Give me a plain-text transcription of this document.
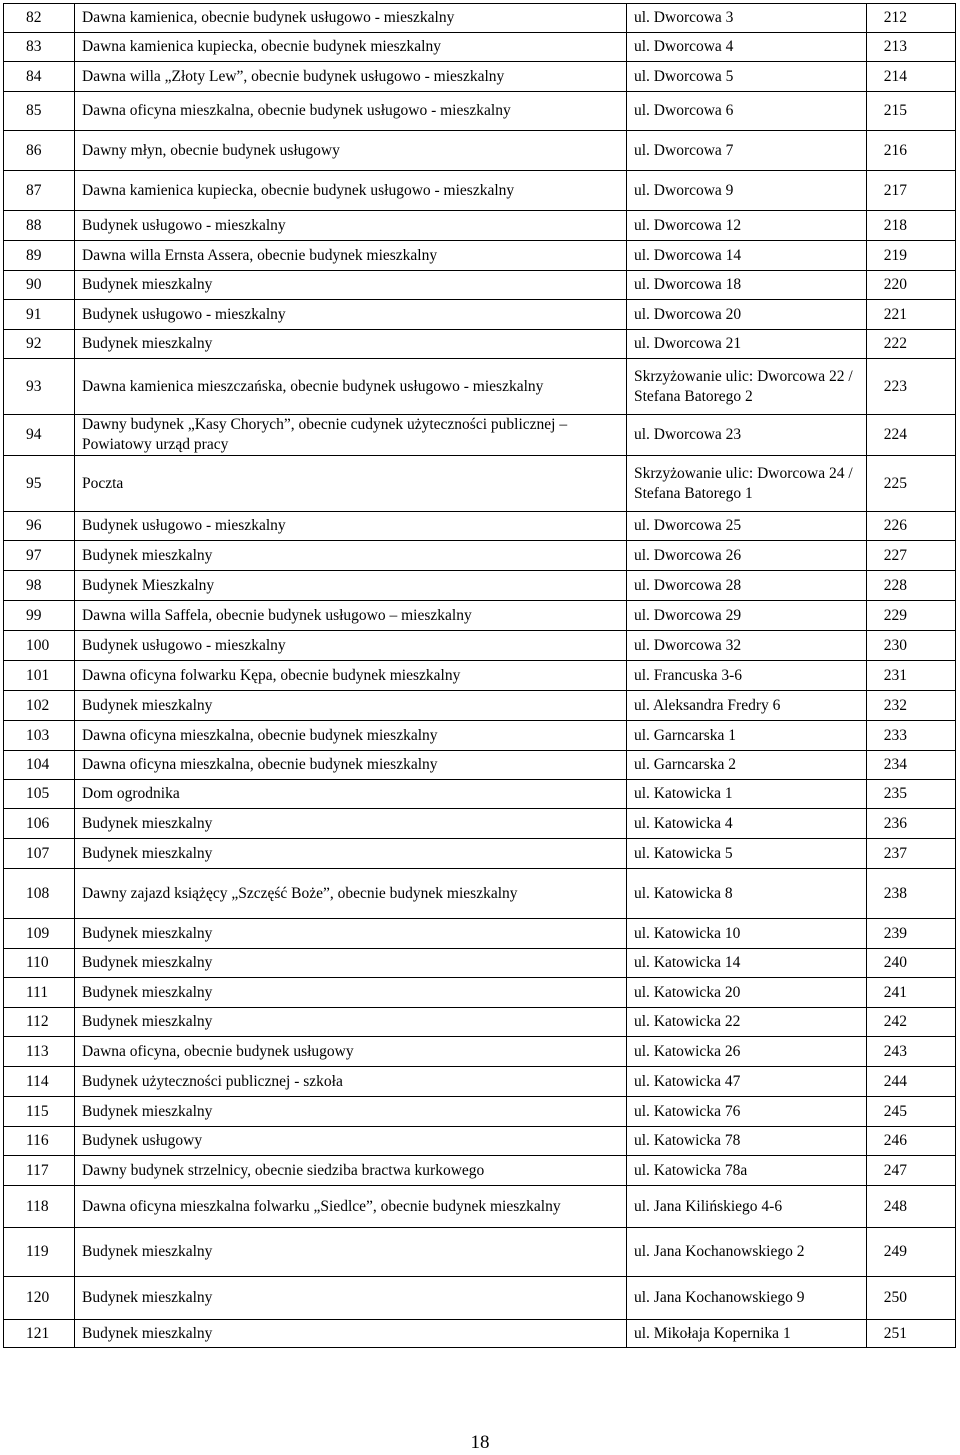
82	Dawna kamienica, obecnie budynek usługowo - mieszkalny	ul. Dworcowa 3	212
83	Dawna kamienica kupiecka, obecnie budynek mieszkalny	ul. Dworcowa 4	213
84	Dawna willa „Złoty Lew”, obecnie budynek usługowo - mieszkalny	ul. Dworcowa 5	214
85	Dawna oficyna mieszkalna, obecnie budynek usługowo - mieszkalny	ul. Dworcowa 6	215
86	Dawny młyn, obecnie budynek usługowy	ul. Dworcowa 7	216
87	Dawna kamienica kupiecka, obecnie budynek usługowo - mieszkalny	ul. Dworcowa 9	217
88	Budynek usługowo - mieszkalny	ul. Dworcowa 12	218
89	Dawna willa Ernsta Assera, obecnie budynek mieszkalny	ul. Dworcowa 14	219
90	Budynek mieszkalny	ul. Dworcowa 18	220
91	Budynek usługowo - mieszkalny	ul. Dworcowa 20	221
92	Budynek mieszkalny	ul. Dworcowa 21	222
93	Dawna kamienica mieszczańska, obecnie budynek usługowo - mieszkalny	Skrzyżowanie ulic: Dworcowa 22 / Stefana Batorego 2	223
94	Dawny budynek „Kasy Chorych”, obecnie cudynek użyteczności publicznej – Powiatowy urząd pracy	ul. Dworcowa 23	224
95	Poczta	Skrzyżowanie ulic: Dworcowa 24 / Stefana Batorego 1	225
96	Budynek usługowo - mieszkalny	ul. Dworcowa 25	226
97	Budynek mieszkalny	ul. Dworcowa 26	227
98	Budynek Mieszkalny	ul. Dworcowa 28	228
99	Dawna willa Saffela, obecnie budynek usługowo – mieszkalny	ul. Dworcowa 29	229
100	Budynek usługowo - mieszkalny	ul. Dworcowa 32	230
101	Dawna oficyna folwarku Kępa, obecnie budynek mieszkalny	ul. Francuska 3-6	231
102	Budynek mieszkalny	ul. Aleksandra Fredry 6	232
103	Dawna oficyna mieszkalna, obecnie budynek mieszkalny	ul. Garncarska 1	233
104	Dawna oficyna mieszkalna, obecnie budynek mieszkalny	ul. Garncarska 2	234
105	Dom ogrodnika	ul. Katowicka 1	235
106	Budynek mieszkalny	ul. Katowicka 4	236
107	Budynek mieszkalny	ul. Katowicka 5	237
108	Dawny zajazd książęcy „Szczęść Boże”, obecnie budynek mieszkalny	ul. Katowicka 8	238
109	Budynek mieszkalny	ul. Katowicka 10	239
110	Budynek mieszkalny	ul. Katowicka 14	240
111	Budynek mieszkalny	ul. Katowicka 20	241
112	Budynek mieszkalny	ul. Katowicka 22	242
113	Dawna oficyna, obecnie budynek usługowy	ul. Katowicka 26	243
114	Budynek użyteczności publicznej - szkoła	ul. Katowicka 47	244
115	Budynek mieszkalny	ul. Katowicka 76	245
116	Budynek usługowy	ul. Katowicka 78	246
117	Dawny budynek strzelnicy, obecnie siedziba bractwa kurkowego	ul. Katowicka 78a	247
118	Dawna oficyna mieszkalna folwarku „Siedlce”, obecnie budynek mieszkalny	ul. Jana Kilińskiego 4-6	248
119	Budynek mieszkalny	ul. Jana Kochanowskiego 2	249
120	Budynek mieszkalny	ul. Jana Kochanowskiego 9	250
121	Budynek mieszkalny	ul. Mikołaja Kopernika 1	251
18
